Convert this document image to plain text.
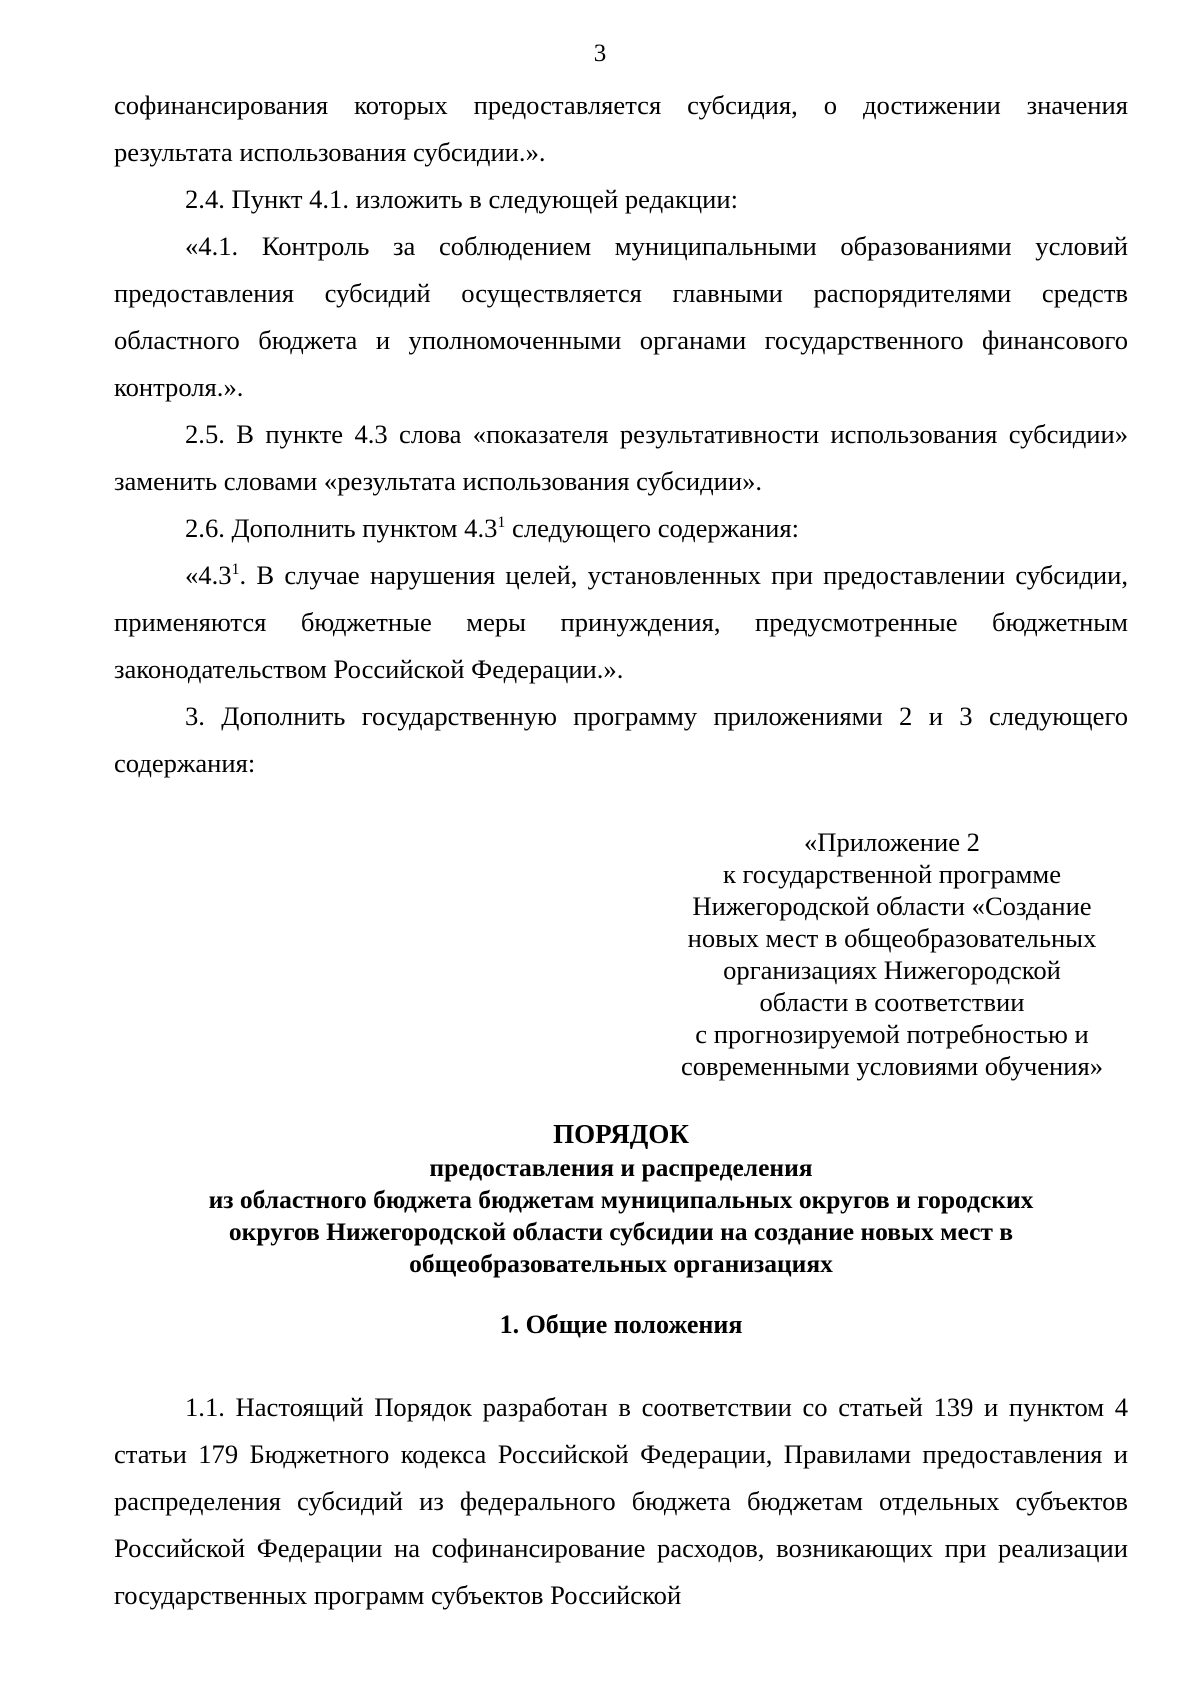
3

софинансирования которых предоставляется субсидия, о достижении значения результата использования субсидии.».

2.4. Пункт 4.1. изложить в следующей редакции:

«4.1. Контроль за соблюдением муниципальными образованиями условий предоставления субсидий осуществляется главными распорядителями средств областного бюджета и уполномоченными органами государственного финансового контроля.».

2.5. В пункте 4.3 слова «показателя результативности использования субсидии» заменить словами «результата использования субсидии».

2.6. Дополнить пунктом $4.3^1$ следующего содержания:

«$4.3^1$. В случае нарушения целей, установленных при предоставлении субсидии, применяются бюджетные меры принуждения, предусмотренные бюджетным законодательством Российской Федерации.».

3. Дополнить государственную программу приложениями 2 и 3 следующего содержания:

«Приложение 2
к государственной программе
Нижегородской области «Создание
новых мест в общеобразовательных
организациях Нижегородской
области в соответствии
с прогнозируемой потребностью и
современными условиями обучения»
ПОРЯДОК
предоставления и распределения
из областного бюджета бюджетам муниципальных округов и городских
округов Нижегородской области субсидии на создание новых мест в
общеобразовательных организациях
1. Общие положения

1.1. Настоящий Порядок разработан в соответствии со статьей 139 и пунктом 4 статьи 179 Бюджетного кодекса Российской Федерации, Правилами предоставления и распределения субсидий из федерального бюджета бюджетам отдельных субъектов Российской Федерации на софинансирование расходов, возникающих при реализации государственных программ субъектов Российской
